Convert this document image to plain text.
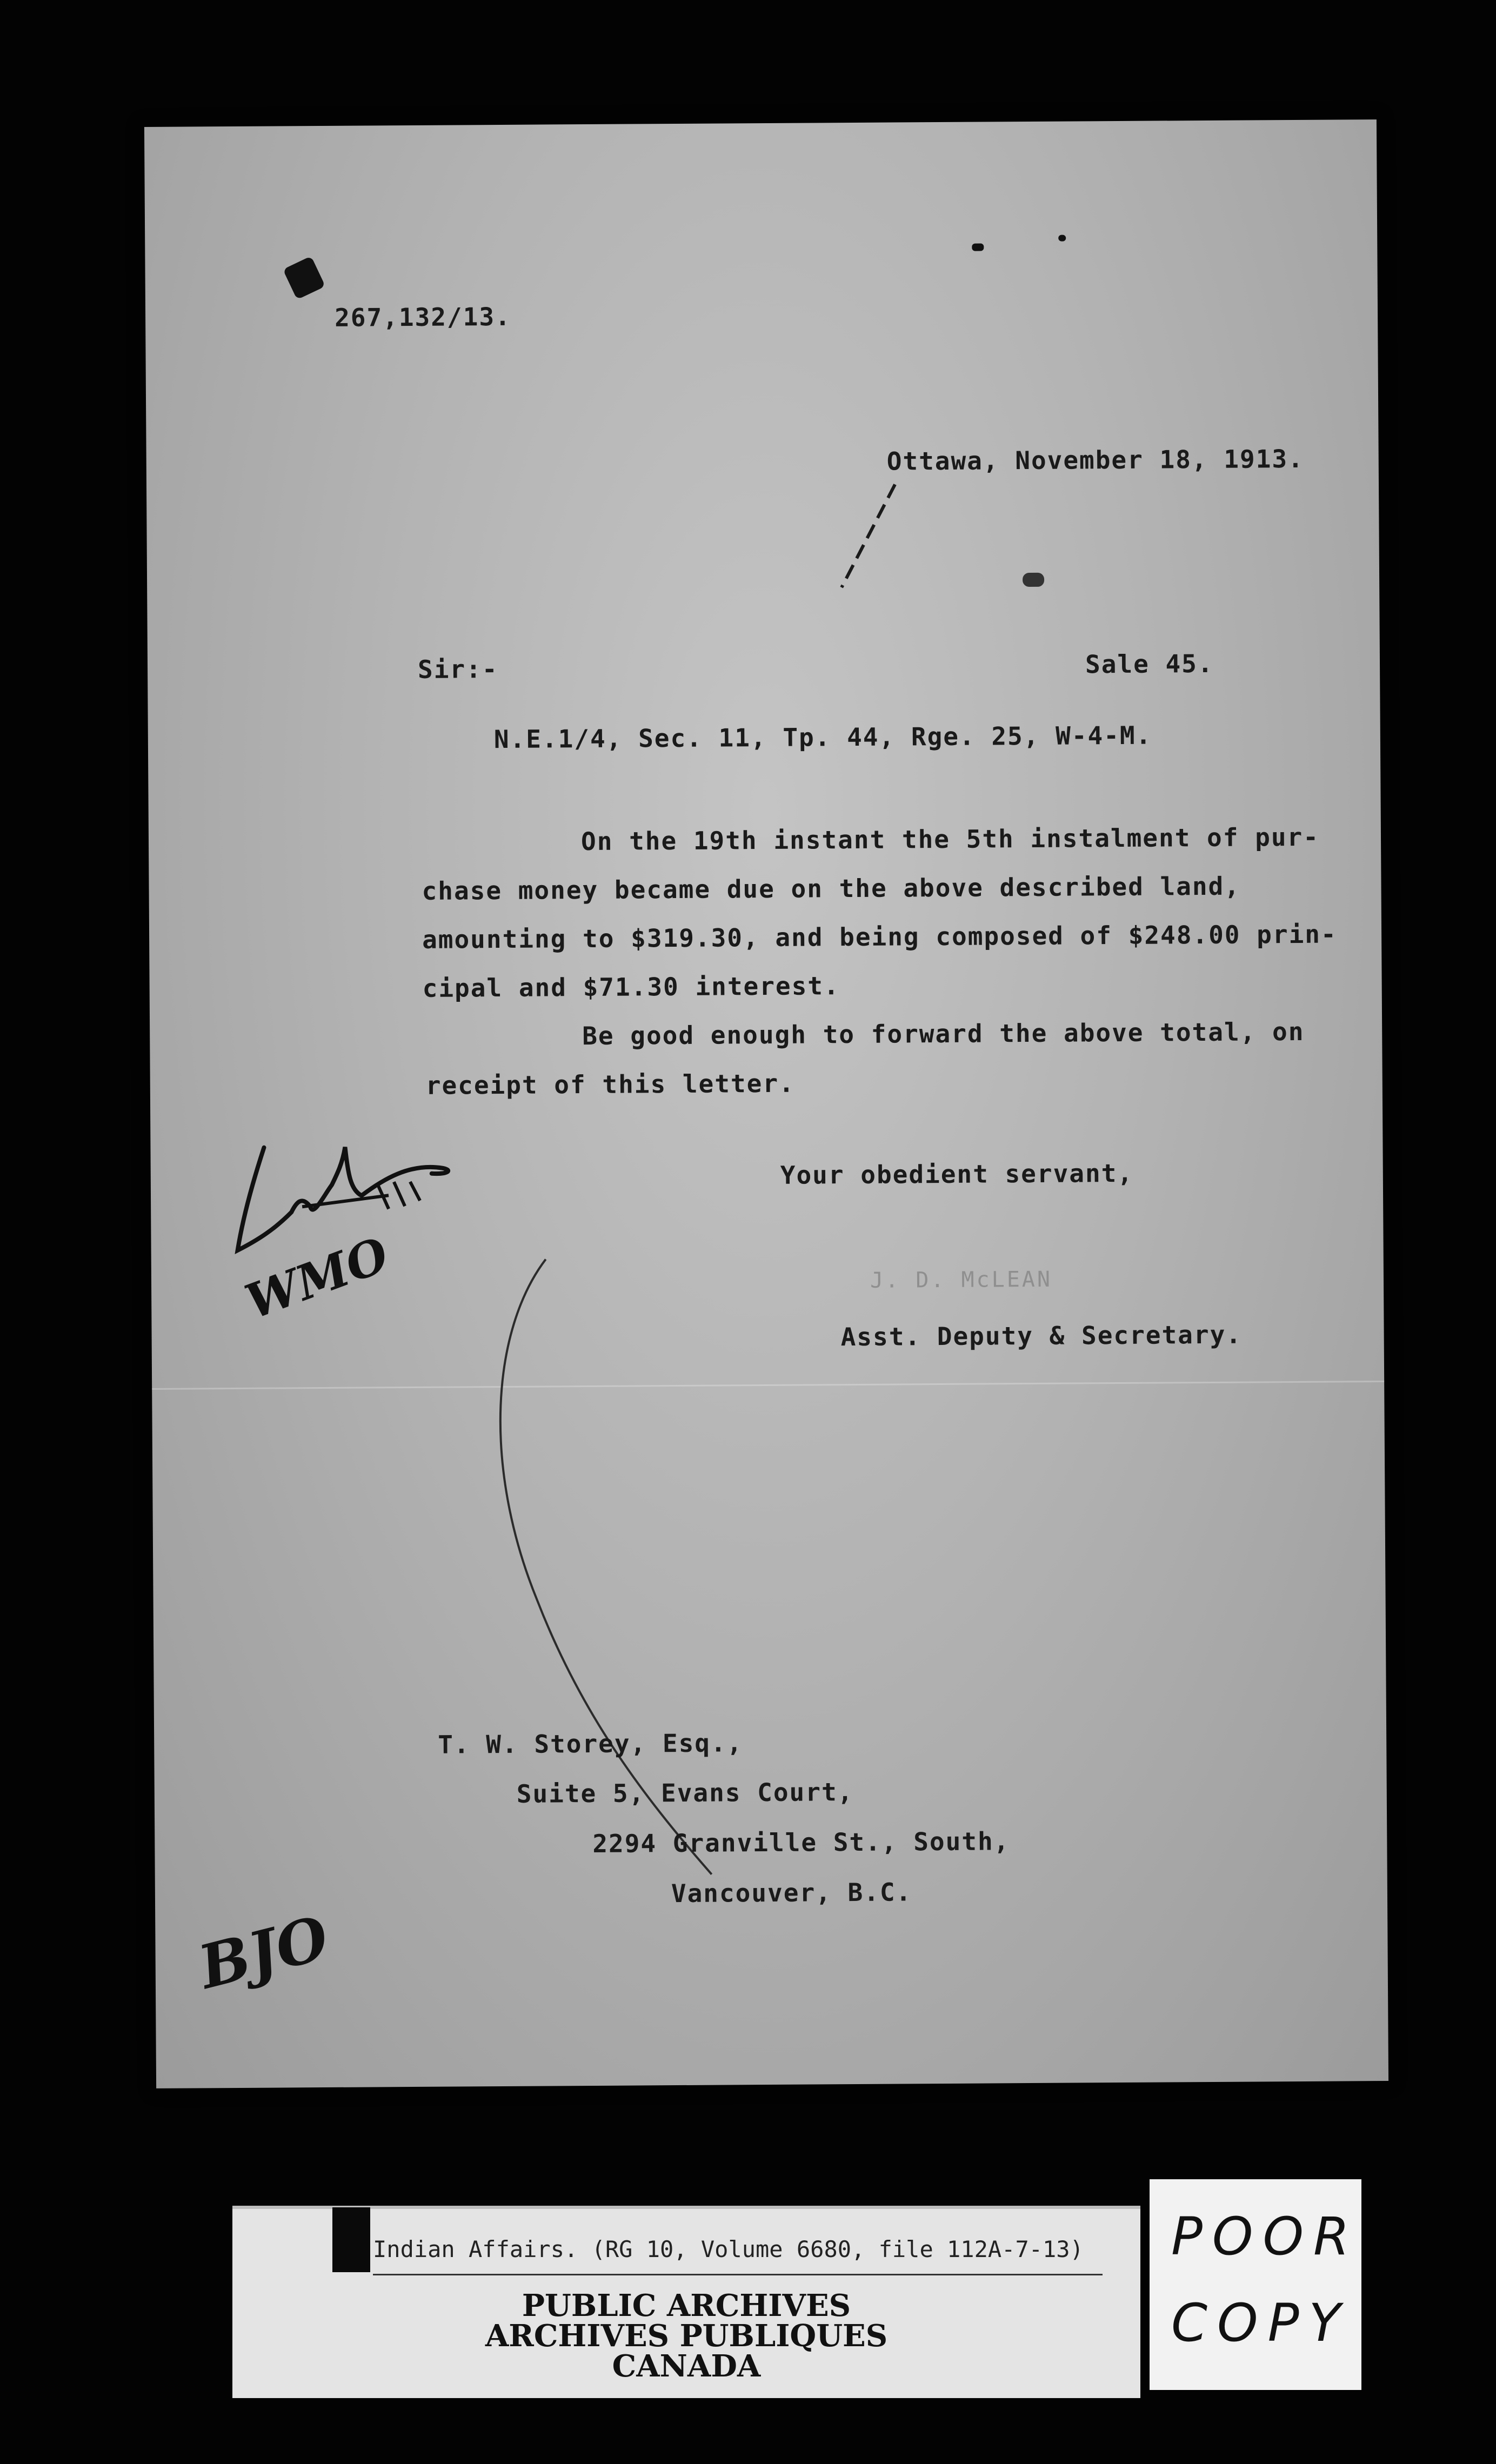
267,132/13.
Ottawa, November 18, 1913.
Sir:-	Sale 45.
N.E.1/4, Sec. 11, Tp. 44, Rge. 25, W-4-M.
On the 19th instant the 5th instalment of pur-
chase money became due on the above described land,
amounting to $319.30, and being composed of $248.00 prin-
cipal and $71.30 interest.
Be good enough to forward the above total, on
receipt of this letter.
Your obedient servant,
J. D. McLEAN
Asst. Deputy & Secretary.
WMO
T. W. Storey, Esq.,
Suite 5, Evans Court,
2294 Granville St., South,
Vancouver, B.C.
BJO
Indian Affairs. (RG 10, Volume 6680, file 112A-7-13)
PUBLIC ARCHIVES
ARCHIVES PUBLIQUES
CANADA
POOR
COPY
